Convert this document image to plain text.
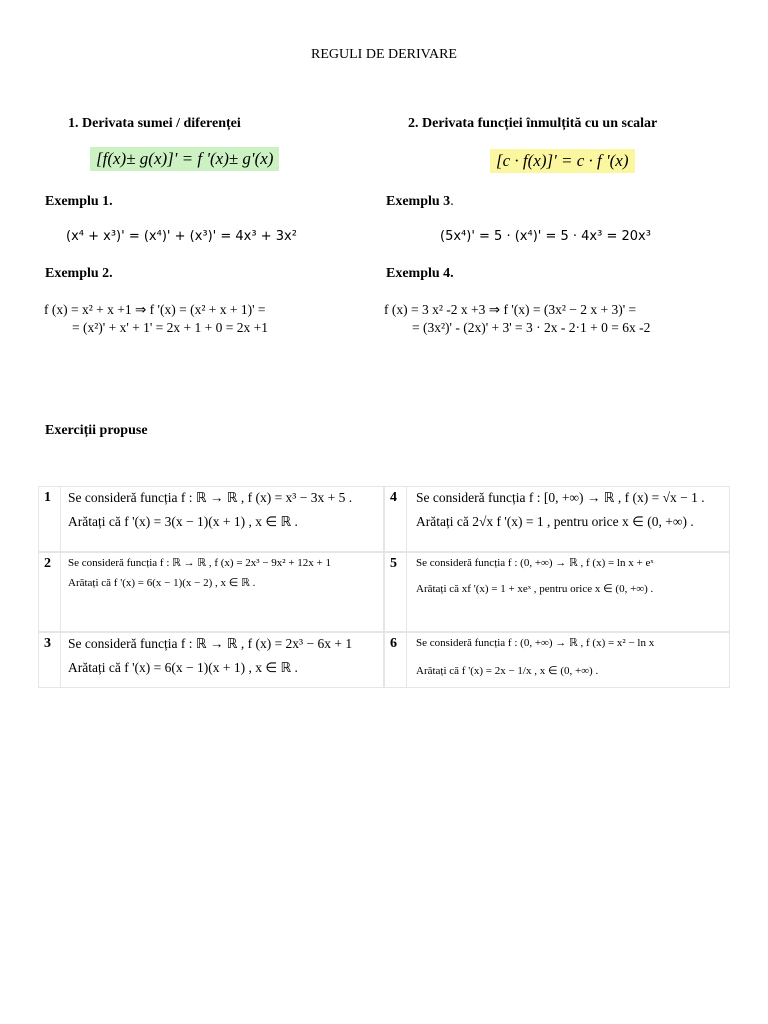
REGULI DE DERIVARE
1. Derivata sumei / diferenței
[f(x)± g(x)]' = f '(x)± g'(x)
Exemplu 1.
(x⁴ + x³)' = (x⁴)' + (x³)' = 4x³ + 3x²
Exemplu 2.
f (x) = x² + x +1 ⇒ f '(x) = (x² + x + 1)' =
= (x²)' + x' + 1' = 2x + 1 + 0 = 2x +1
2. Derivata funcției înmulțită cu un scalar
[c · f(x)]' = c · f '(x)
Exemplu 3.
(5x⁴)' = 5 · (x⁴)' = 5 · 4x³ = 20x³
Exemplu 4.
f (x) = 3 x² -2 x +3 ⇒ f '(x) = (3x² − 2 x + 3)' =
= (3x²)' - (2x)' + 3' = 3 · 2x - 2·1 + 0 = 6x -2
Exerciții propuse
1 Se consideră funcția f : ℝ → ℝ , f (x) = x³ − 3x + 5 .
Arătați că f '(x) = 3(x − 1)(x + 1) , x ∈ ℝ .
2 Se consideră funcția f : ℝ → ℝ , f (x) = 2x³ − 9x² + 12x + 1
Arătați că f '(x) = 6(x − 1)(x − 2) , x ∈ ℝ .
3 Se consideră funcția f : ℝ → ℝ , f (x) = 2x³ − 6x + 1
Arătați că f '(x) = 6(x − 1)(x + 1) , x ∈ ℝ .
4 Se consideră funcția f : [0, +∞) → ℝ , f (x) = √x − 1 .
Arătați că 2√x f '(x) = 1 , pentru orice x ∈ (0, +∞) .
5 Se consideră funcția f : (0, +∞) → ℝ , f (x) = ln x + eˣ
Arătați că xf '(x) = 1 + xeˣ , pentru orice x ∈ (0, +∞) .
6 Se consideră funcția f : (0, +∞) → ℝ , f (x) = x² − ln x
Arătați că f '(x) = 2x − 1/x , x ∈ (0, +∞) .
